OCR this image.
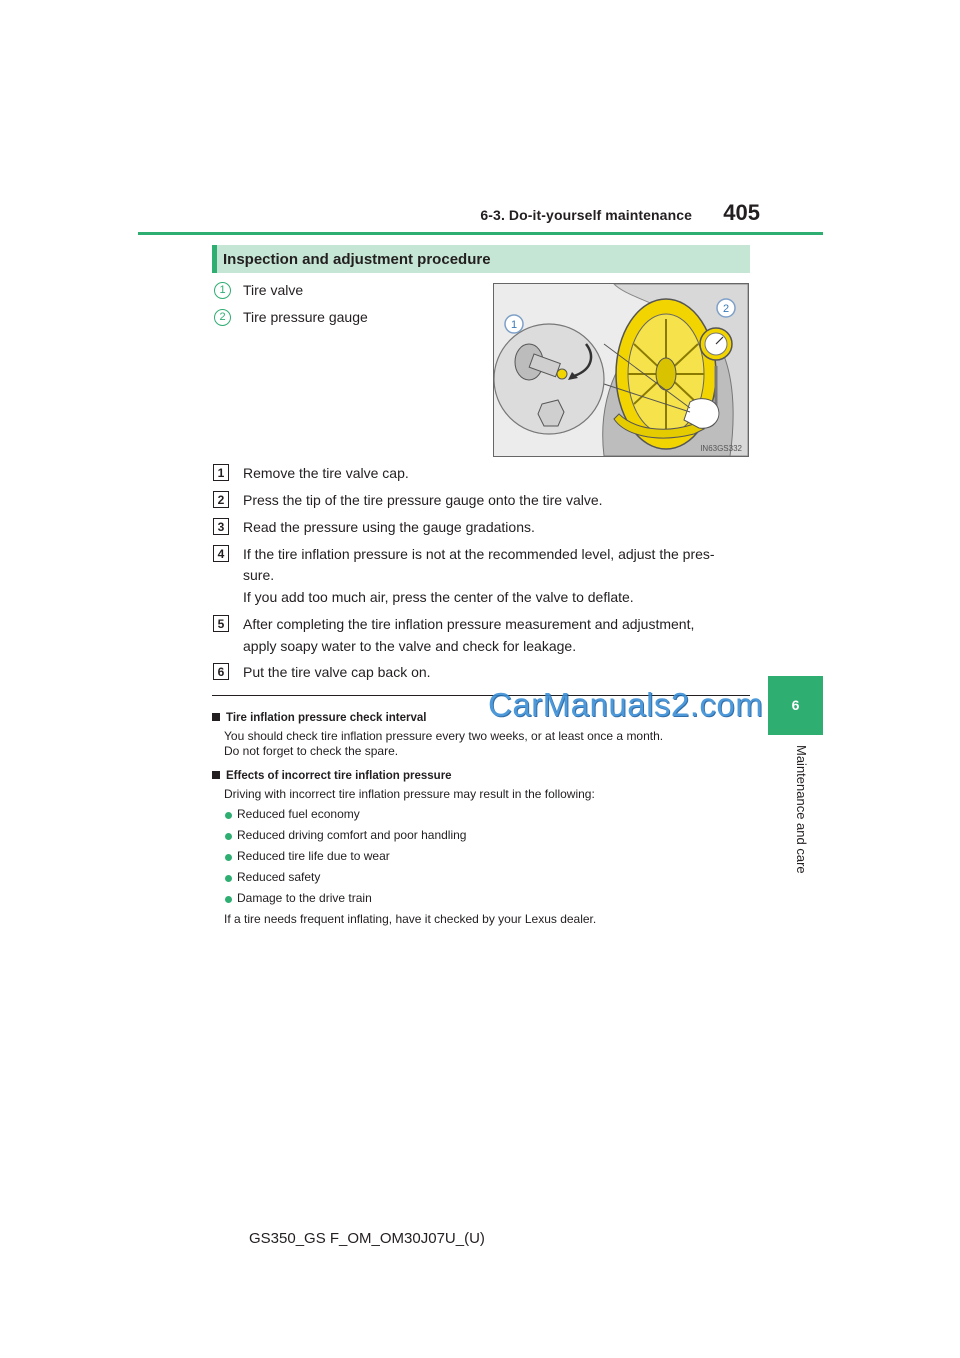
6-3. Do-it-yourself maintenance 405
6
Maintenance and care
Inspection and adjustment procedure
1	Tire valve
2	Tire pressure gauge	1
2
IN63GS332
1	Remove the tire valve cap.
2	Press the tip of the tire pressure gauge onto the tire valve.
3	Read the pressure using the gauge gradations.
4	If the tire inflation pressure is not at the recommended level, adjust the pres-
sure.
If you add too much air, press the center of the valve to deflate.
5	After completing the tire inflation pressure measurement and adjustment,
apply soapy water to the valve and check for leakage.
6	Put the tire valve cap back on.
Tire inflation pressure check interval
You should check tire inflation pressure every two weeks, or at least once a month.
Do not forget to check the spare.
Effects of incorrect tire inflation pressure
Driving with incorrect tire inflation pressure may result in the following:
Reduced fuel economy
Reduced driving comfort and poor handling
Reduced tire life due to wear
Reduced safety
Damage to the drive train
If a tire needs frequent inflating, have it checked by your Lexus dealer.
CarManuals2.com
GS350_GS F_OM_OM30J07U_(U)
